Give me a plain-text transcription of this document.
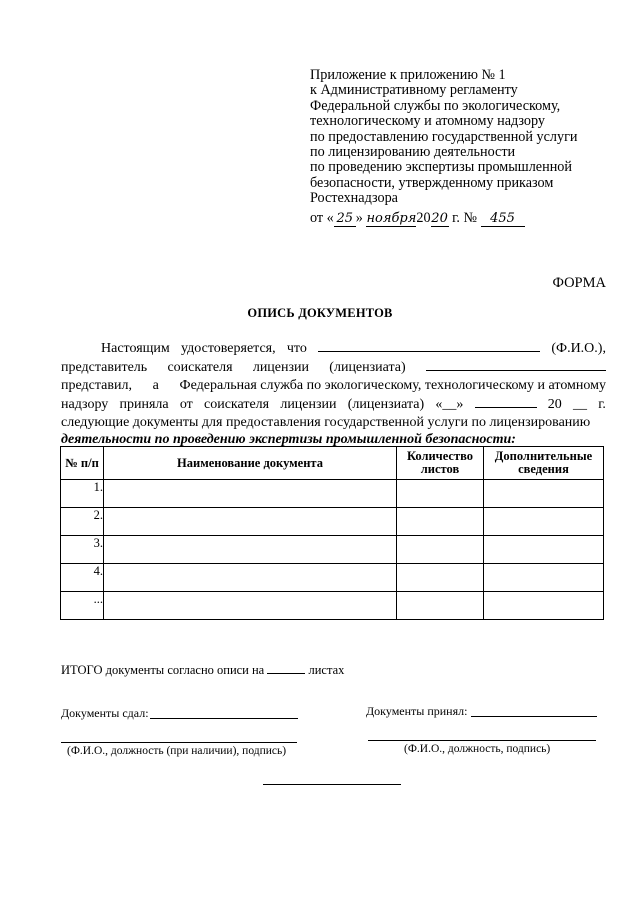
Приложение к приложению № 1
к Административному регламенту
Федеральной службы по экологическому,
технологическому и атомному надзору
по предоставлению государственной услуги
по лицензированию деятельности
по проведению экспертизы промышленной
безопасности, утвержденному приказом
Ростехнадзора
от « 25 » ноября2020 г. № 455
ФОРМА
ОПИСЬ ДОКУМЕНТОВ
Настоящим удостоверяется, что	(Ф.И.О.),
представитель соискателя лицензии (лицензиата)
представил, а Федеральная служба по экологическому, технологическому и атомному
надзору приняла от соискателя лицензии (лицензиата) «__»	20 __ г.
следующие документы для предоставления государственной услуги по лицензированию
деятельности по проведению экспертизы промышленной безопасности:
№ п/п	Наименование документа	Количество листов	Дополнительные сведения
1.			
2.			
3.			
4.			
...			
ИТОГО документы согласно описи на	листах
Документы сдал:	Документы принял:
(Ф.И.О., должность (при наличии), подпись)	(Ф.И.О., должность, подпись)
